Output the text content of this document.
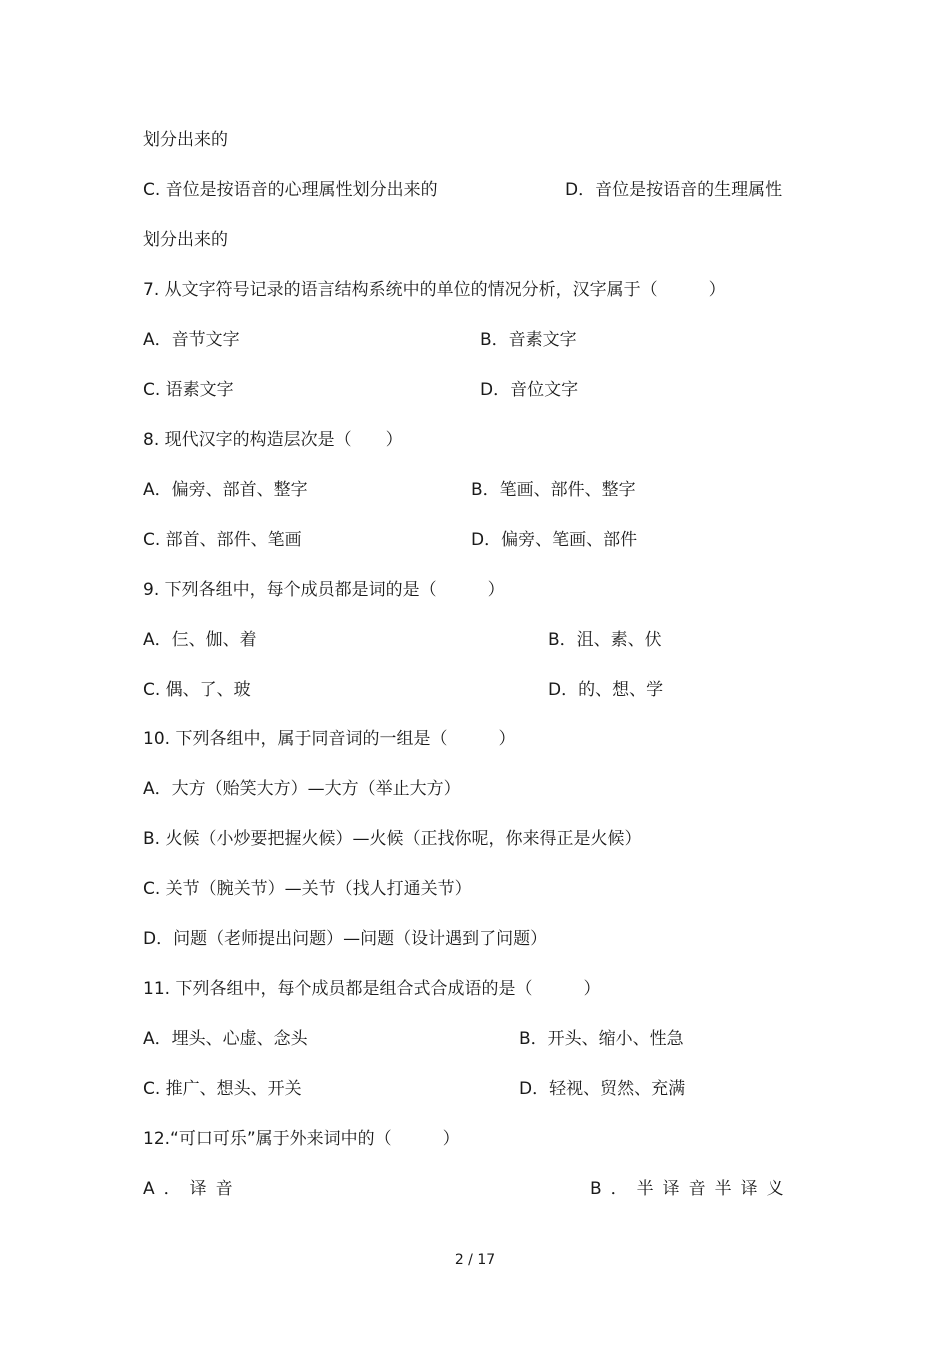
划分出来的
C. 音位是按语音的心理属性划分出来的	D．音位是按语音的生理属性
划分出来的
7. 从文字符号记录的语言结构系统中的单位的情况分析，汉字属于（　　　）
A．音节文字	B．音素文字
C. 语素文字	D．音位文字
8. 现代汉字的构造层次是（　　）
A．偏旁、部首、整字	B．笔画、部件、整字
C. 部首、部件、笔画	D．偏旁、笔画、部件
9. 下列各组中，每个成员都是词的是（　　　）
A．仨、伽、着	B．沮、素、伏
C. 偶、了、玻	D．的、想、学
10. 下列各组中，属于同音词的一组是（　　　）
A．大方（贻笑大方）—大方（举止大方）
B. 火候（小炒要把握火候）—火候（正找你呢，你来得正是火候）
C. 关节（腕关节）—关节（找人打通关节）
D．问题（老师提出问题）—问题（设计遇到了问题）
11. 下列各组中，每个成员都是组合式合成语的是（　　　）
A．埋头、心虚、念头	B．开头、缩小、性急
C. 推广、想头、开关	D．轻视、贸然、充满
12.“可口可乐”属于外来词中的（　　　）
A．译音	B．半译音半译义
2 / 17
